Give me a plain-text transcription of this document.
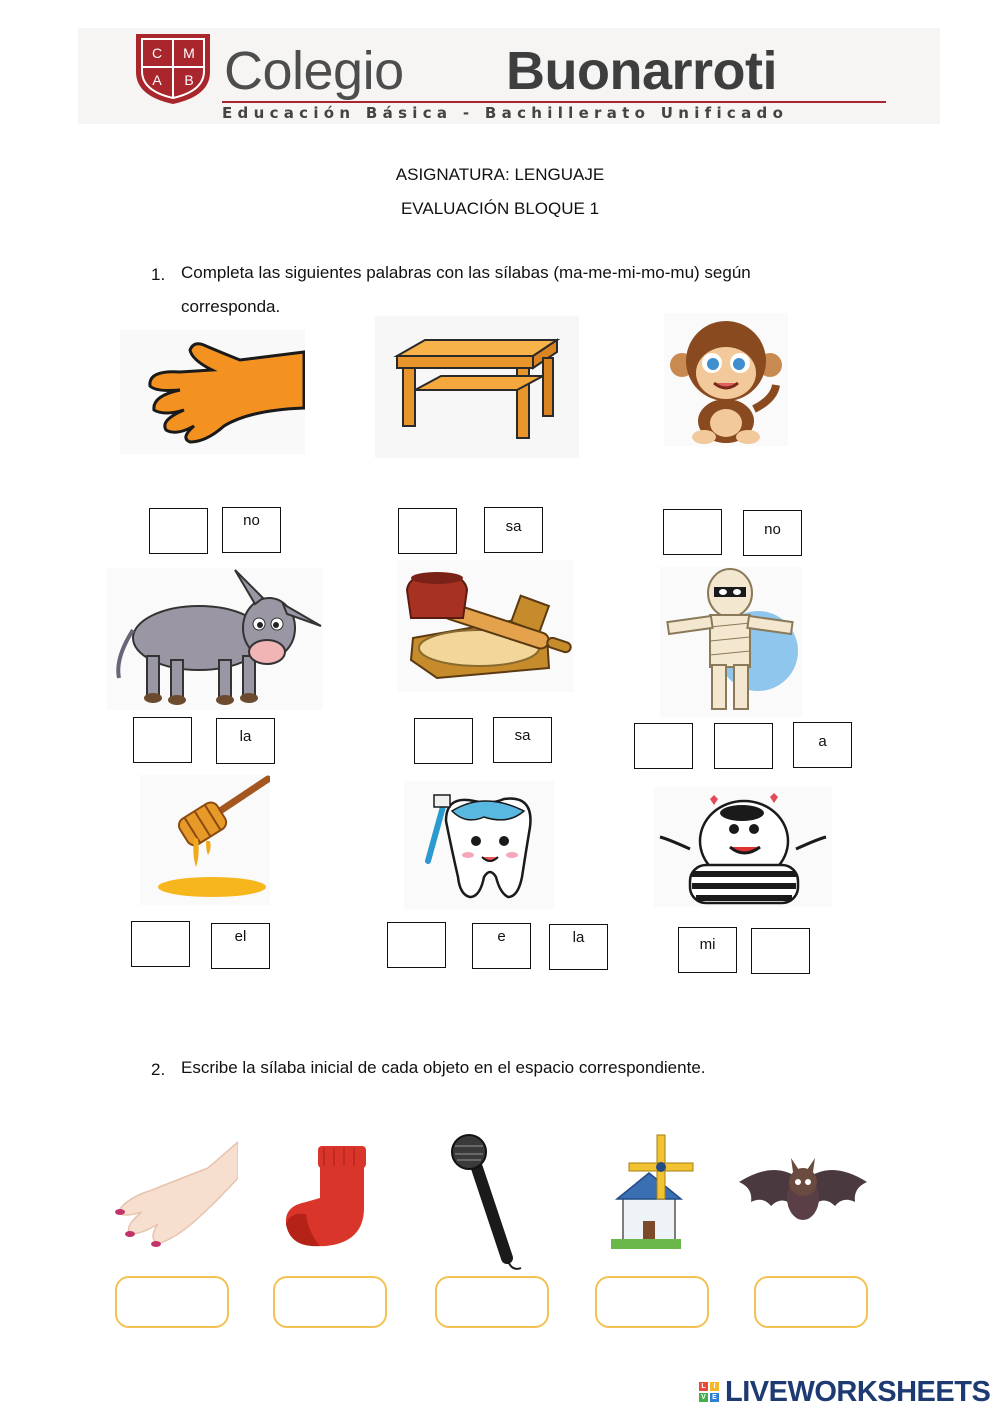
C M
A B Colegio Buonarroti
Educación Básica - Bachillerato Unificado
ASIGNATURA: LENGUAJE
EVALUACIÓN BLOQUE 1
1. Completa las siguientes palabras con las sílabas (ma-me-mi-mo-mu) según
corresponda.
no	sa	no
la	sa	a
el	e	la	mi
2. Escribe la sílaba inicial de cada objeto en el espacio correspondiente.
L	I
V E LIVEWORKSHEETS
